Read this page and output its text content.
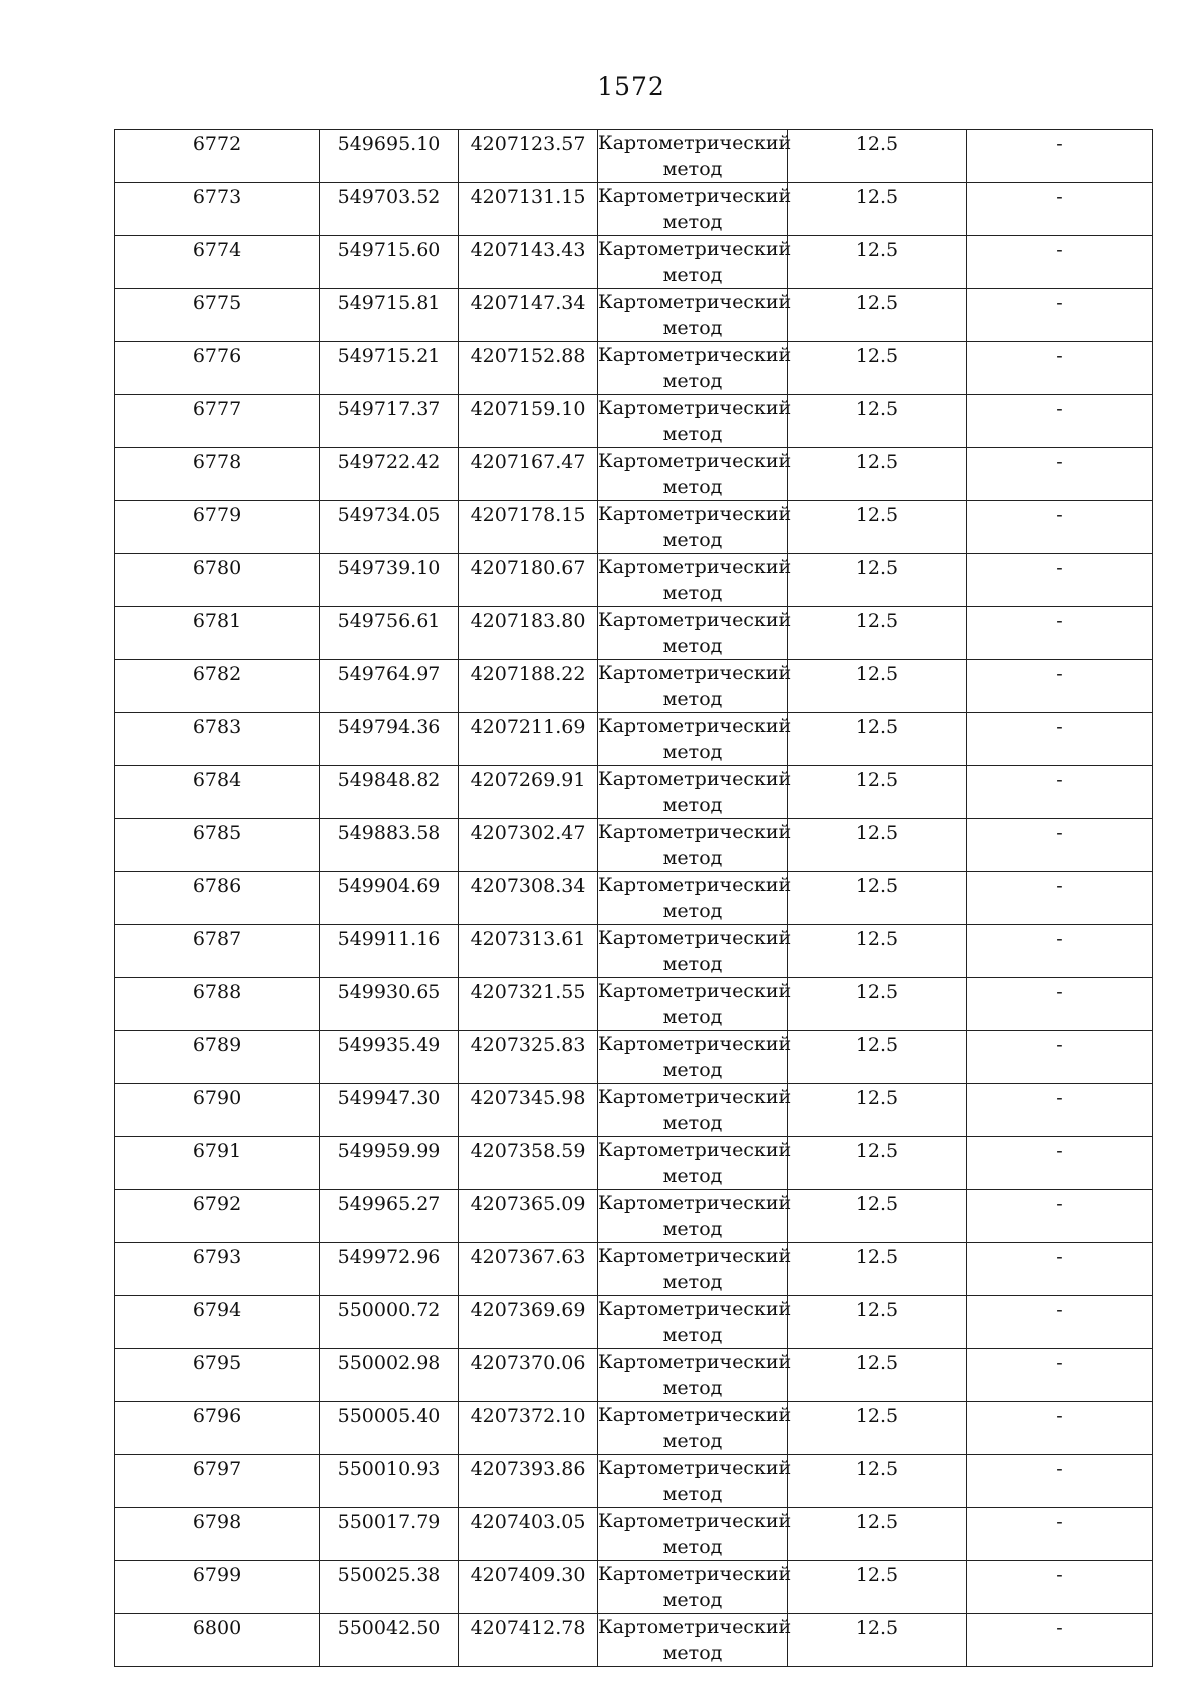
1572
6772	549695.10	4207123.57	Картометрический метод	12.5	-

6773	549703.52	4207131.15	Картометрический метод	12.5	-

6774	549715.60	4207143.43	Картометрический метод	12.5	-

6775	549715.81	4207147.34	Картометрический метод	12.5	-

6776	549715.21	4207152.88	Картометрический метод	12.5	-

6777	549717.37	4207159.10	Картометрический метод	12.5	-

6778	549722.42	4207167.47	Картометрический метод	12.5	-

6779	549734.05	4207178.15	Картометрический метод	12.5	-

6780	549739.10	4207180.67	Картометрический метод	12.5	-

6781	549756.61	4207183.80	Картометрический метод	12.5	-

6782	549764.97	4207188.22	Картометрический метод	12.5	-

6783	549794.36	4207211.69	Картометрический метод	12.5	-

6784	549848.82	4207269.91	Картометрический метод	12.5	-

6785	549883.58	4207302.47	Картометрический метод	12.5	-

6786	549904.69	4207308.34	Картометрический метод	12.5	-

6787	549911.16	4207313.61	Картометрический метод	12.5	-

6788	549930.65	4207321.55	Картометрический метод	12.5	-

6789	549935.49	4207325.83	Картометрический метод	12.5	-

6790	549947.30	4207345.98	Картометрический метод	12.5	-

6791	549959.99	4207358.59	Картометрический метод	12.5	-

6792	549965.27	4207365.09	Картометрический метод	12.5	-

6793	549972.96	4207367.63	Картометрический метод	12.5	-

6794	550000.72	4207369.69	Картометрический метод	12.5	-

6795	550002.98	4207370.06	Картометрический метод	12.5	-

6796	550005.40	4207372.10	Картометрический метод	12.5	-

6797	550010.93	4207393.86	Картометрический метод	12.5	-

6798	550017.79	4207403.05	Картометрический метод	12.5	-

6799	550025.38	4207409.30	Картометрический метод	12.5	-

6800	550042.50	4207412.78	Картометрический метод	12.5	-
